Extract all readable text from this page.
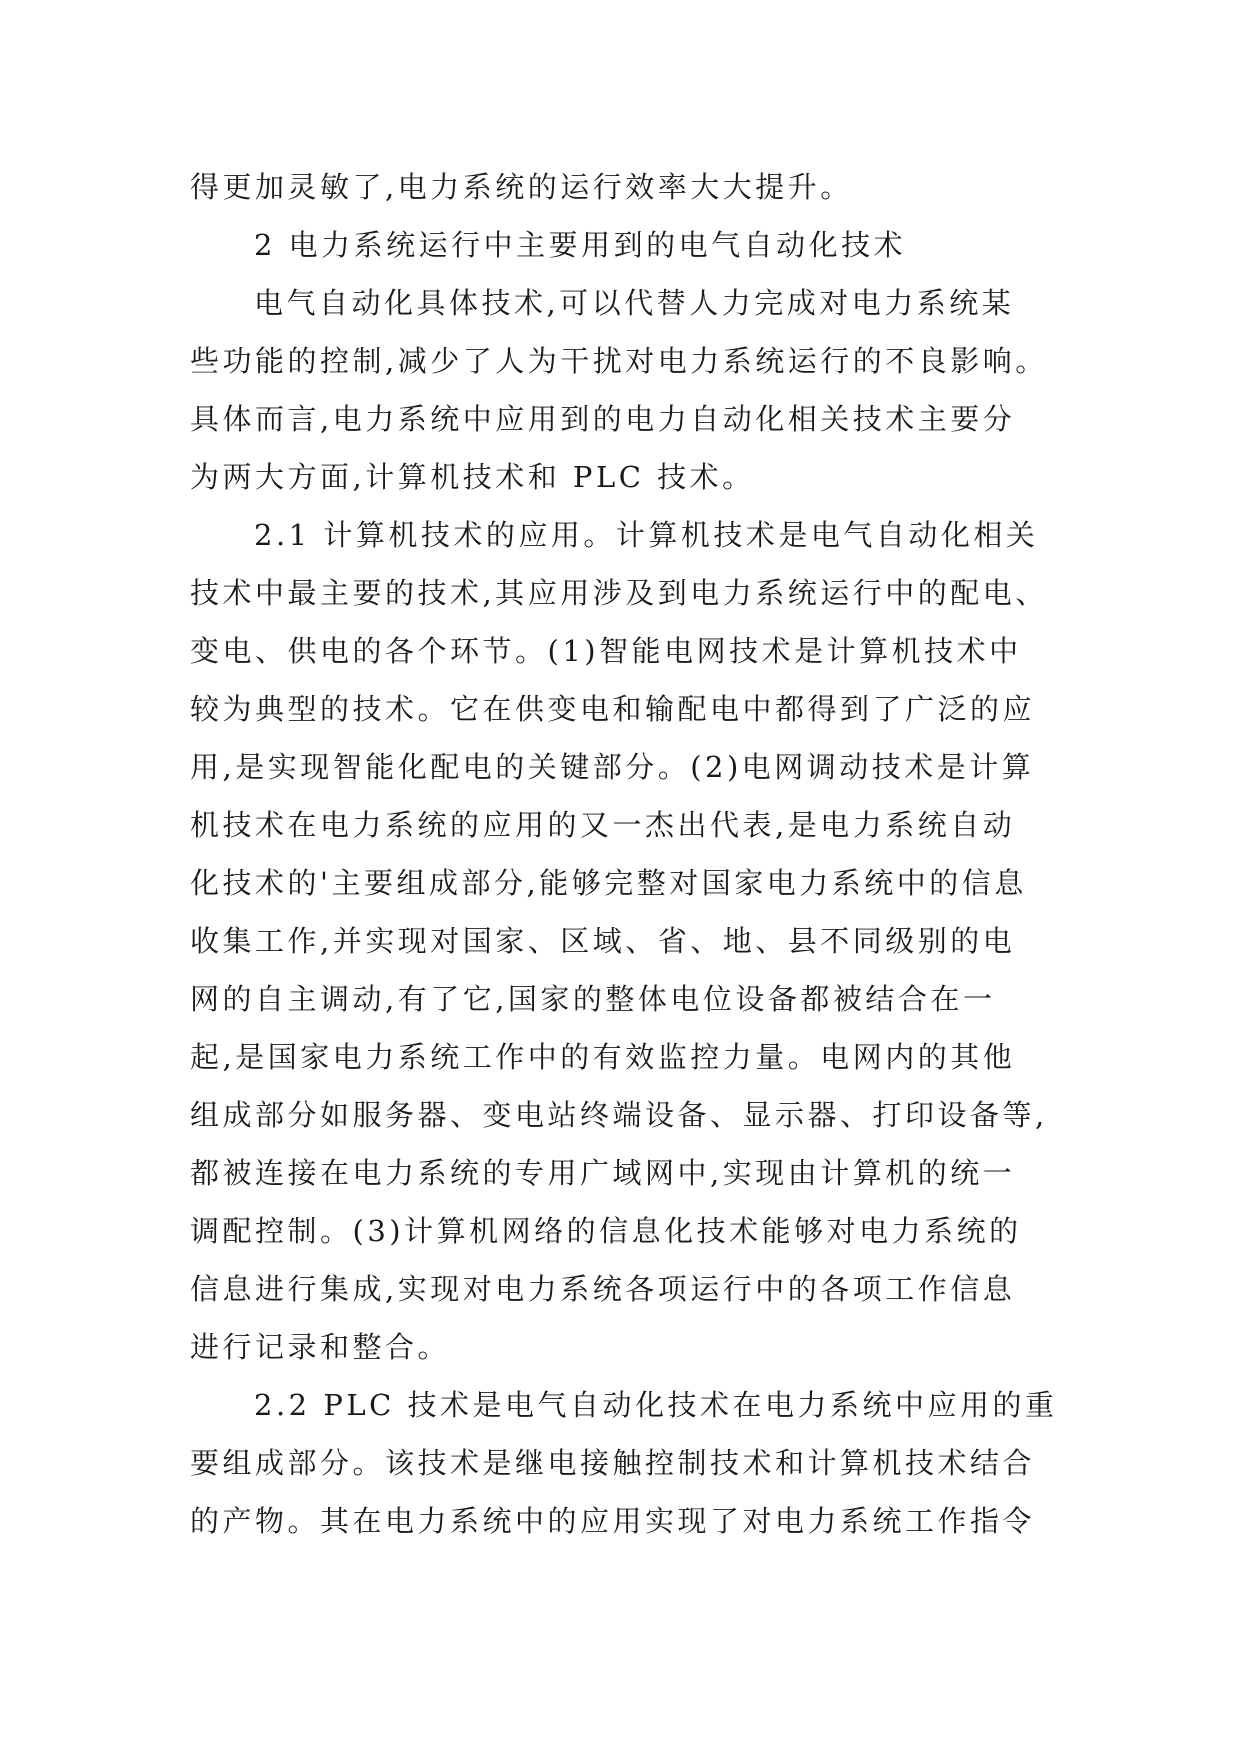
得更加灵敏了,电力系统的运行效率大大提升。
2 电力系统运行中主要用到的电气自动化技术
电气自动化具体技术,可以代替人力完成对电力系统某
些功能的控制,减少了人为干扰对电力系统运行的不良影响。
具体而言,电力系统中应用到的电力自动化相关技术主要分
为两大方面,计算机技术和 PLC 技术。
2.1 计算机技术的应用。计算机技术是电气自动化相关
技术中最主要的技术,其应用涉及到电力系统运行中的配电、
变电、供电的各个环节。(1)智能电网技术是计算机技术中
较为典型的技术。它在供变电和输配电中都得到了广泛的应
用,是实现智能化配电的关键部分。(2)电网调动技术是计算
机技术在电力系统的应用的又一杰出代表,是电力系统自动
化技术的'主要组成部分,能够完整对国家电力系统中的信息
收集工作,并实现对国家、区域、省、地、县不同级别的电
网的自主调动,有了它,国家的整体电位设备都被结合在一
起,是国家电力系统工作中的有效监控力量。电网内的其他
组成部分如服务器、变电站终端设备、显示器、打印设备等,
都被连接在电力系统的专用广域网中,实现由计算机的统一
调配控制。(3)计算机网络的信息化技术能够对电力系统的
信息进行集成,实现对电力系统各项运行中的各项工作信息
进行记录和整合。
2.2 PLC 技术是电气自动化技术在电力系统中应用的重
要组成部分。该技术是继电接触控制技术和计算机技术结合
的产物。其在电力系统中的应用实现了对电力系统工作指令
